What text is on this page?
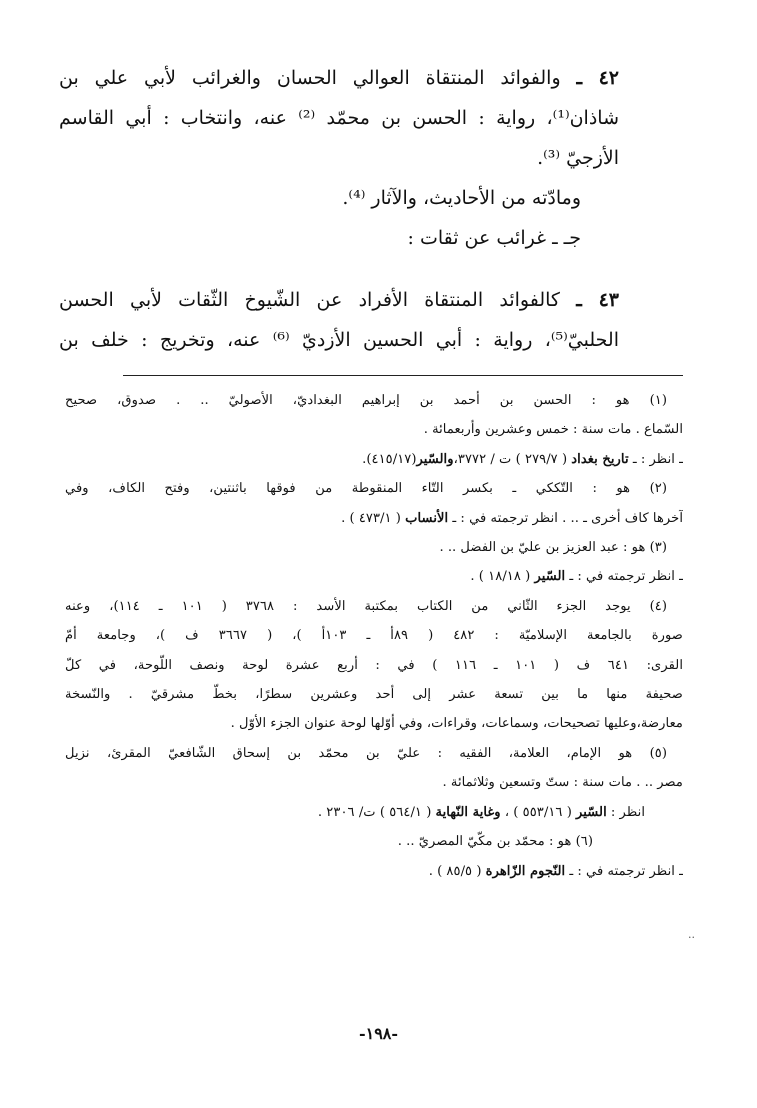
٤٢ ـ والفوائد المنتقاة العوالي الحسان والغرائب لأبي علي بن
شاذان⁽¹⁾، رواية : الحسن بن محمّد ⁽²⁾ عنه، وانتخاب : أبي القاسم
الأزجيّ ⁽³⁾.
ومادّته من الأحاديث، والآثار ⁽⁴⁾.
جـ ـ غرائب عن ثقات :
٤٣ ـ كالفوائد المنتقاة الأفراد عن الشّيوخ الثّقات لأبي الحسن
الحلبيّ⁽⁵⁾، رواية : أبي الحسين الأزديّ ⁽⁶⁾ عنه، وتخريج : خلف بن
(١) هو : الحسن بن أحمد بن إبراهيم البغداديّ، الأصوليّ .. . صدوق، صحيح
السّماع . مات سنة : خمس وعشرين وأربعمائة .
ـ انظر : ـ تاريخ بغداد ( ٢٧٩/٧ ) ت / ٣٧٧٢،والسّير(٤١٥/١٧).
(٢) هو : التّككي ـ بكسر التّاء المنقوطة من فوقها باثنتين، وفتح الكاف، وفي
آخرها كاف أخرى ـ .. . انظر ترجمته في : ـ الأنساب ( ٤٧٣/١ ) .
(٣) هو : عبد العزيز بن عليّ بن الفضل .. .
ـ انظر ترجمته في : ـ السّير ( ١٨/١٨ ) .
(٤) يوجد الجزء الثّاني من الكتاب بمكتبة الأسد : ٣٧٦٨ ( ١٠١ ـ ١١٤)، وعنه
صورة بالجامعة الإسلاميّة : ٤٨٢ ( ٨٩أ ـ ١٠٣أ )، ( ٣٦٦٧ ف )، وجامعة أمّ
القرى: ٦٤١ ف ( ١٠١ ـ ١١٦ ) في : أربع عشرة لوحة ونصف اللّوحة، في كلّ
صحيفة منها ما بين تسعة عشر إلى أحد وعشرين سطرًا، بخطّ مشرقيّ . والنّسخة
معارضة،وعليها تصحيحات، وسماعات، وقراءات، وفي أوّلها لوحة عنوان الجزء الأوّل .
(٥) هو الإمام، العلامة، الفقيه : عليّ بن محمّد بن إسحاق الشّافعيّ المقرئ، نزيل
مصر .. . مات سنة : ستّ وتسعين وثلاثمائة .
انظر : السّير ( ٥٥٣/١٦ ) ، وغاية النّهاية ( ٥٦٤/١ ) ت/ ٢٣٠٦ .
(٦) هو : محمّد بن مكّيّ المصريّ .. .
ـ انظر ترجمته في : ـ النّجوم الزّاهرة ( ٨٥/٥ ) .
..
-١٩٨-
